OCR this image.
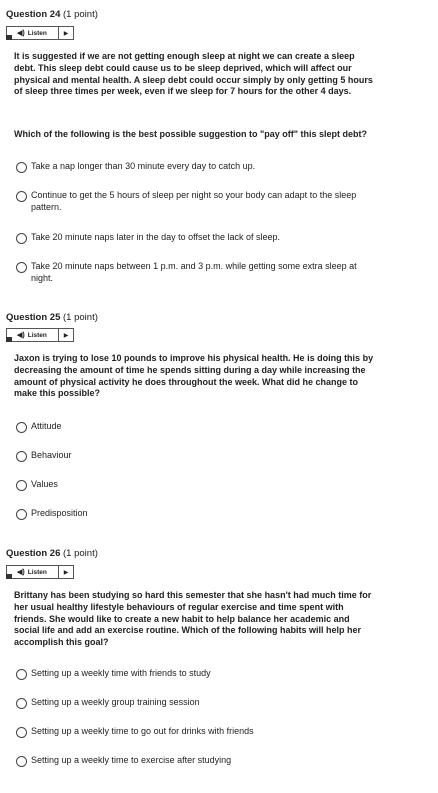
Question 24 (1 point)
◀) Listen	▶
It is suggested if we are not getting enough sleep at night we can create a sleep debt. This sleep debt could cause us to be sleep deprived, which will affect our physical and mental health. A sleep debt could occur simply by only getting 5 hours of sleep three times per week, even if we sleep for 7 hours for the other 4 days.
Which of the following is the best possible suggestion to "pay off" this slept debt?
Take a nap longer than 30 minute every day to catch up.
Continue to get the 5 hours of sleep per night so your body can adapt to the sleep pattern.
Take 20 minute naps later in the day to offset the lack of sleep.
Take 20 minute naps between 1 p.m. and 3 p.m. while getting some extra sleep at night.
Question 25 (1 point)
◀) Listen	▶
Jaxon is trying to lose 10 pounds to improve his physical health. He is doing this by decreasing the amount of time he spends sitting during a day while increasing the amount of physical activity he does throughout the week. What did he change to make this possible?
Attitude
Behaviour
Values
Predisposition
Question 26 (1 point)
◀) Listen	▶
Brittany has been studying so hard this semester that she hasn't had much time for her usual healthy lifestyle behaviours of regular exercise and time spent with friends. She would like to create a new habit to help balance her academic and social life and add an exercise routine. Which of the following habits will help her accomplish this goal?
Setting up a weekly time with friends to study
Setting up a weekly group training session
Setting up a weekly time to go out for drinks with friends
Setting up a weekly time to exercise after studying
